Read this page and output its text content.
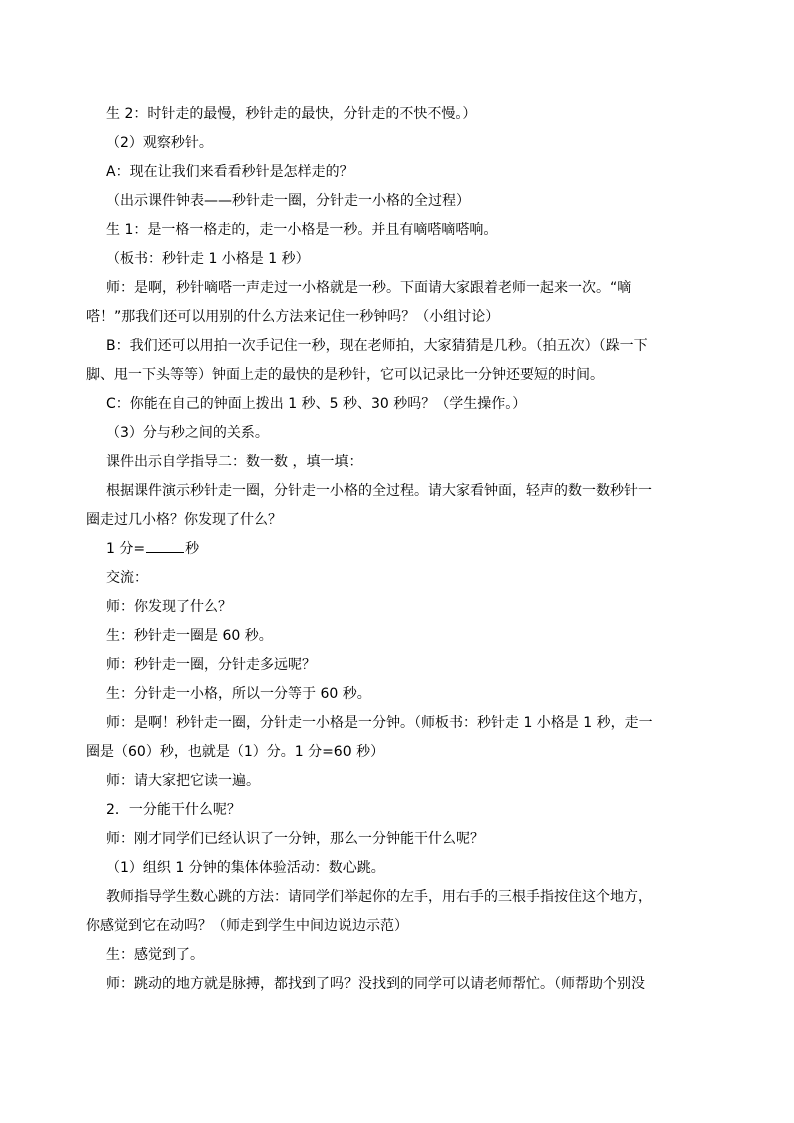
生 2：时针走的最慢，秒针走的最快，分针走的不快不慢。）

（2）观察秒针。

A：现在让我们来看看秒针是怎样走的？

（出示课件钟表——秒针走一圈，分针走一小格的全过程）

生 1：是一格一格走的，走一小格是一秒。并且有嘀嗒嘀嗒响。

（板书：秒针走 1 小格是 1 秒）

师：是啊，秒针嘀嗒一声走过一小格就是一秒。下面请大家跟着老师一起来一次。“嘀

嗒！”那我们还可以用别的什么方法来记住一秒钟吗？（小组讨论）

B：我们还可以用拍一次手记住一秒，现在老师拍，大家猜猜是几秒。（拍五次）（跺一下

脚、甩一下头等等）钟面上走的最快的是秒针，它可以记录比一分钟还要短的时间。

C：你能在自己的钟面上拨出 1 秒、5 秒、30 秒吗？（学生操作。）

（3）分与秒之间的关系。

课件出示自学指导二：数一数 ，填一填：

根据课件演示秒针走一圈，分针走一小格的全过程。请大家看钟面，轻声的数一数秒针一

圈走过几小格？你发现了什么？

1 分=	秒

交流：

师：你发现了什么？

生：秒针走一圈是 60 秒。

师：秒针走一圈，分针走多远呢？

生：分针走一小格，所以一分等于 60 秒。

师：是啊！秒针走一圈，分针走一小格是一分钟。（师板书：秒针走 1 小格是 1 秒，走一

圈是（60）秒，也就是（1）分。1 分=60 秒）

师：请大家把它读一遍。

2．一分能干什么呢？

师：刚才同学们已经认识了一分钟，那么一分钟能干什么呢？

（1）组织 1 分钟的集体体验活动：数心跳。

教师指导学生数心跳的方法：请同学们举起你的左手，用右手的三根手指按住这个地方，

你感觉到它在动吗？（师走到学生中间边说边示范）

生：感觉到了。

师：跳动的地方就是脉搏，都找到了吗？没找到的同学可以请老师帮忙。（师帮助个别没
